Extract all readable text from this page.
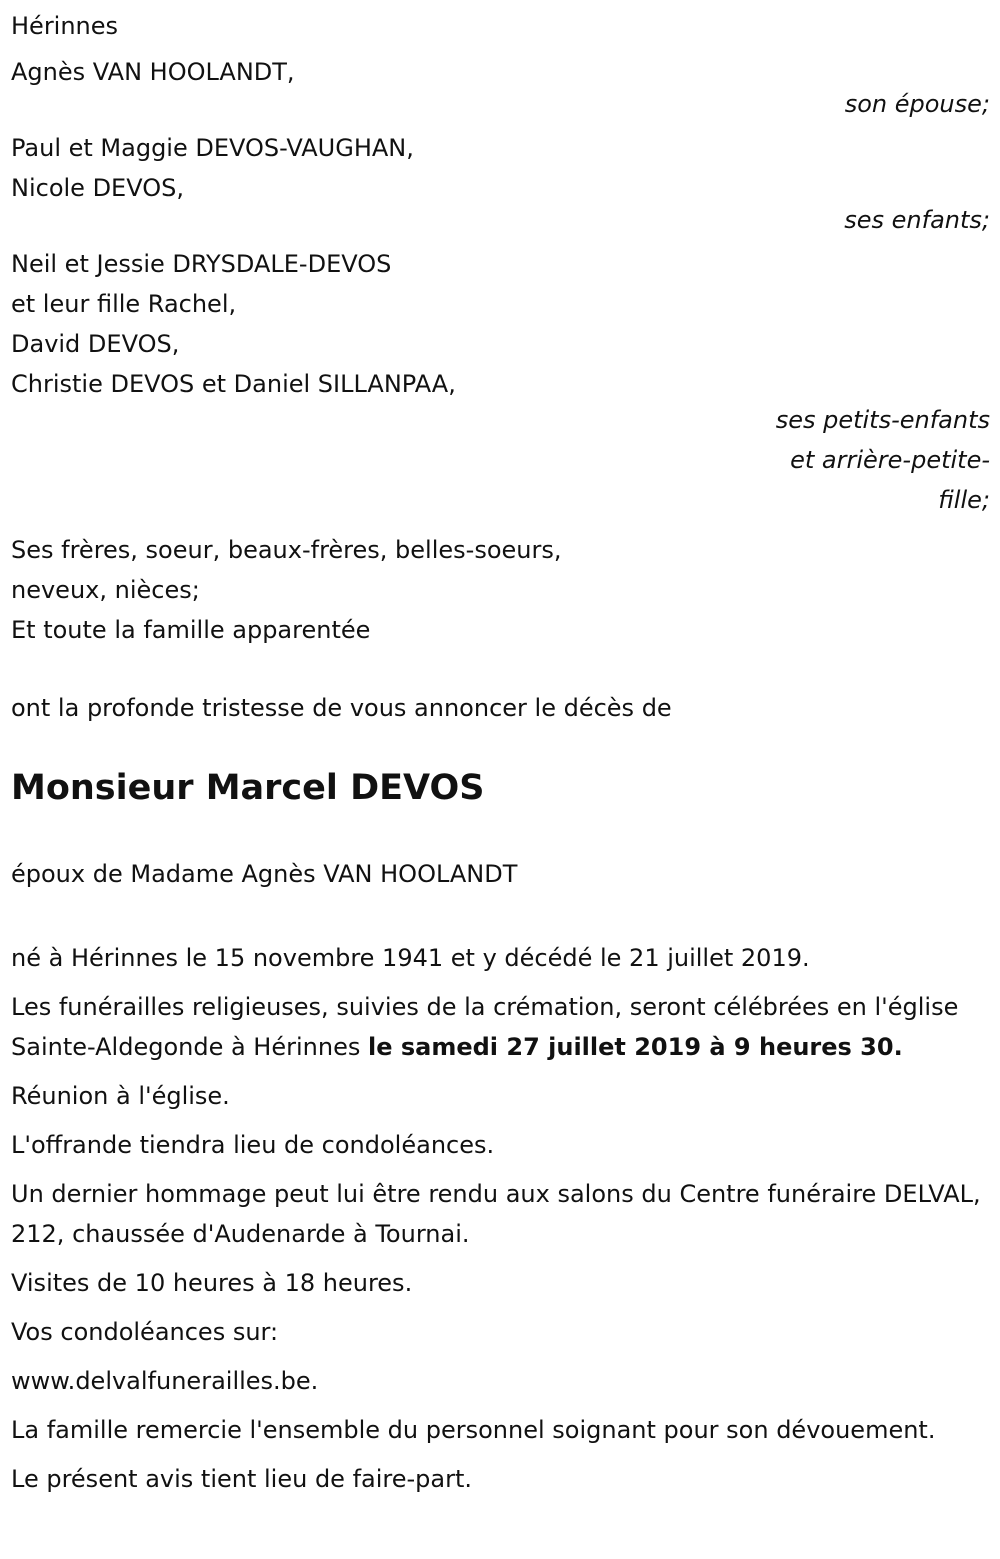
Hérinnes

Agnès VAN HOOLANDT,

son épouse;

Paul et Maggie DEVOS-VAUGHAN,

Nicole DEVOS,

ses enfants;

Neil et Jessie DRYSDALE-DEVOS

et leur fille Rachel,

David DEVOS,

Christie DEVOS et Daniel SILLANPAA,

ses petits-enfants

et arrière-petite-

fille;

Ses frères, soeur, beaux-frères, belles-soeurs,

neveux, nièces;

Et toute la famille apparentée

ont la profonde tristesse de vous annoncer le décès de

Monsieur Marcel DEVOS

époux de Madame Agnès VAN HOOLANDT

né à Hérinnes le 15 novembre 1941 et y décédé le 21 juillet 2019.

Les funérailles religieuses, suivies de la crémation, seront célébrées en l'église Sainte-Aldegonde à Hérinnes le samedi 27 juillet 2019 à 9 heures 30.

Réunion à l'église.

L'offrande tiendra lieu de condoléances.

Un dernier hommage peut lui être rendu aux salons du Centre funéraire DELVAL, 212, chaussée d'Audenarde à Tournai.

Visites de 10 heures à 18 heures.

Vos condoléances sur:

www.delvalfunerailles.be.

La famille remercie l'ensemble du personnel soignant pour son dévouement.

Le présent avis tient lieu de faire-part.
